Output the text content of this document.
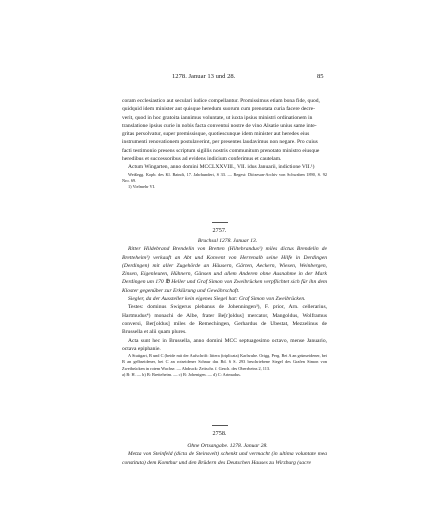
1278. Januar 13 und 28.	85

coram ecclesiastico aut seculari iudice compellantur. Promissimus etiam bona fide, quod,

quidquid idem minister aut quisque heredum suorum cum prenotata curia facere decre-

verit, quod in hoc gratoita iannimus voluntate, ut iuxta ipsius ministri ordinationem in

translatione ipsius curie in nobis facta conventui nostre de vino Alsatie unius same inte-

gritas persolvatur, super premissisque, quotiescunque idem minister aut heredes eius

instrumenti renovationem postulaverint, per presentes laudavimus non negare. Pro cuius

facti testimonio presens scriptum sigillis nostris communitum prenotato ministro eiusque

heredibus et successoribus ad evidens indicium conferimus et cautelam.

Actum Wingarten, anno domini MCCLXXVIII., VII. idus Januarii, indictione VII.¹)

Weißegg. Kopb. des Kl. Baindt, 17. Jahrhundert, S 33. — Regest: Diözesan-Archiv von Schwaben 1890, S. 92 Nro. 69.

1) Vielmehr VI.

2757.

Bruchsal 1278. Januar 13.

Ritter Hildebrand Brendelin von Bretten (Hiltebrandus¹) miles dictus Brendelin de Bretteheim¹) verkauft an Abt und Konvent von Herrenalb seine Hilfe in Derdingen (Derdingen) mit aller Zugehörde an Häusern, Gärten, Aeckern, Wiesen, Weinbergen, Zinsen, Eigenleuten, Hühnern, Gänsen und allem Anderen ohne Ausnahme in der Mark Derdingen um 170 ℔ Heller und Graf Simon von Zweibrücken verpflichtet sich für ihn dem Kloster gegenüber zur Erklärung und Gewährschaft.

Siegler, da der Aussteller kein eigenes Siegel hat: Graf Simon von Zweibrücken.

Testes: dominus Swigerus plebanus de Johenningen³), F. prior, Arn. cellerarius, Hartmudus⁴) monachi de Albe, frater Be[r]oldus] mercator, Mangoldus, Wolframus conversi, Ber[oldus] miles de Remechingen, Gerhardus de Ubestat, Mezzelinus de Brussella et alii quam plures.

Acta sunt hec in Brussella, anno domini MCC septuagesimo octavo, mense Januario, octava epiphanie.

A Stuttgart, B und C (beide mit der Aufschrift: littera (triplicata) Karlsruhe. Origg. Perg. Bei A an grünseidener, bei B an gelbseidener, bei C an rotseidener Schnur das Bd. 6 S. 293 beschriebene Siegel des Grafen Simon von Zweibrücken in rotem Wachse. — Abdruck: Zeitschr. f. Gesch. des Oberrheins 2, 113.

a) B: H. — b) B: Bretteheim. — c) B: Johenigen. — d) C: Artmudus.

2758.

Ohne Ortsangabe. 1278. Januar 28.

Metza von Steinfeld (dicta de Steinsvelt) schenkt und vermacht (in ultima voluntate mea constituta) dem Komthur und den Brüdern des Deutschen Hauses zu Wirzburg (sacre
